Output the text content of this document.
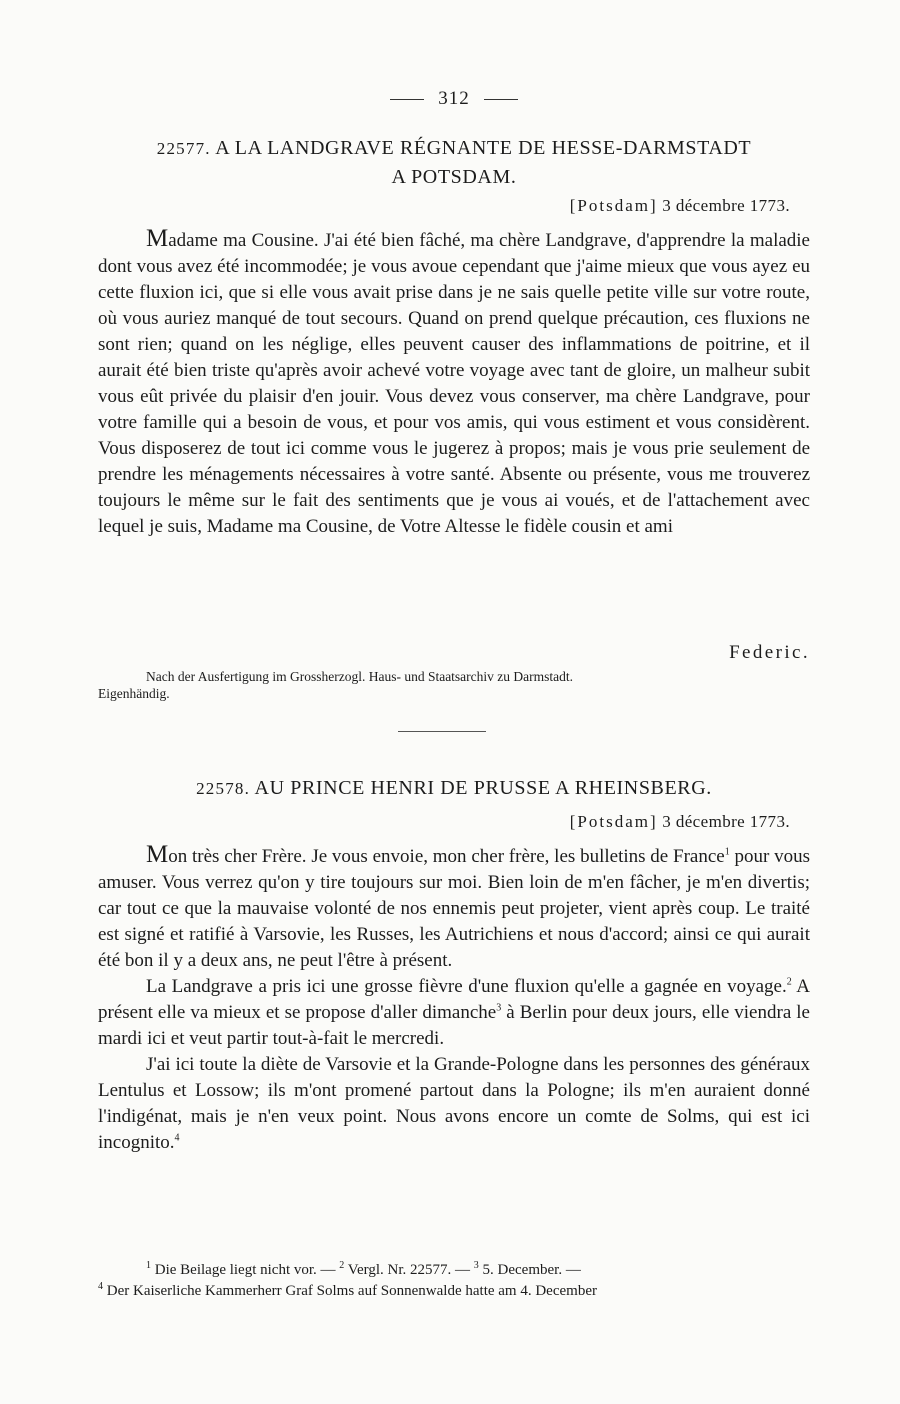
312
22577. A LA LANDGRAVE RÉGNANTE DE HESSE-DARMSTADT
A POTSDAM.
[Potsdam] 3 décembre 1773.

Madame ma Cousine. J'ai été bien fâché, ma chère Landgrave, d'apprendre la maladie dont vous avez été incommodée; je vous avoue cependant que j'aime mieux que vous ayez eu cette fluxion ici, que si elle vous avait prise dans je ne sais quelle petite ville sur votre route, où vous auriez manqué de tout secours. Quand on prend quelque précaution, ces fluxions ne sont rien; quand on les néglige, elles peuvent causer des inflammations de poitrine, et il aurait été bien triste qu'après avoir achevé votre voyage avec tant de gloire, un malheur subit vous eût privée du plaisir d'en jouir. Vous devez vous conserver, ma chère Landgrave, pour votre famille qui a besoin de vous, et pour vos amis, qui vous estiment et vous considèrent. Vous disposerez de tout ici comme vous le jugerez à propos; mais je vous prie seulement de prendre les ménagements nécessaires à votre santé. Absente ou présente, vous me trouverez toujours le même sur le fait des sentiments que je vous ai voués, et de l'attachement avec lequel je suis, Madame ma Cousine, de Votre Altesse le fidèle cousin et ami

Federic.
Nach der Ausfertigung im Grossherzogl. Haus- und Staatsarchiv zu Darmstadt.
Eigenhändig.
22578. AU PRINCE HENRI DE PRUSSE A RHEINSBERG.
[Potsdam] 3 décembre 1773.

Mon très cher Frère. Je vous envoie, mon cher frère, les bulletins de France$^1$ pour vous amuser. Vous verrez qu'on y tire toujours sur moi. Bien loin de m'en fâcher, je m'en divertis; car tout ce que la mauvaise volonté de nos ennemis peut projeter, vient après coup. Le traité est signé et ratifié à Varsovie, les Russes, les Autrichiens et nous d'accord; ainsi ce qui aurait été bon il y a deux ans, ne peut l'être à présent.

La Landgrave a pris ici une grosse fièvre d'une fluxion qu'elle a gagnée en voyage.$^2$ A présent elle va mieux et se propose d'aller dimanche$^3$ à Berlin pour deux jours, elle viendra le mardi ici et veut partir tout-à-fait le mercredi.

J'ai ici toute la diète de Varsovie et la Grande-Pologne dans les personnes des généraux Lentulus et Lossow; ils m'ont promené partout dans la Pologne; ils m'en auraient donné l'indigénat, mais je n'en veux point. Nous avons encore un comte de Solms, qui est ici incognito.$^4$

$^1$ Die Beilage liegt nicht vor. — $^2$ Vergl. Nr. 22577. — $^3$ 5. December. —
$^4$ Der Kaiserliche Kammerherr Graf Solms auf Sonnenwalde hatte am 4. December
